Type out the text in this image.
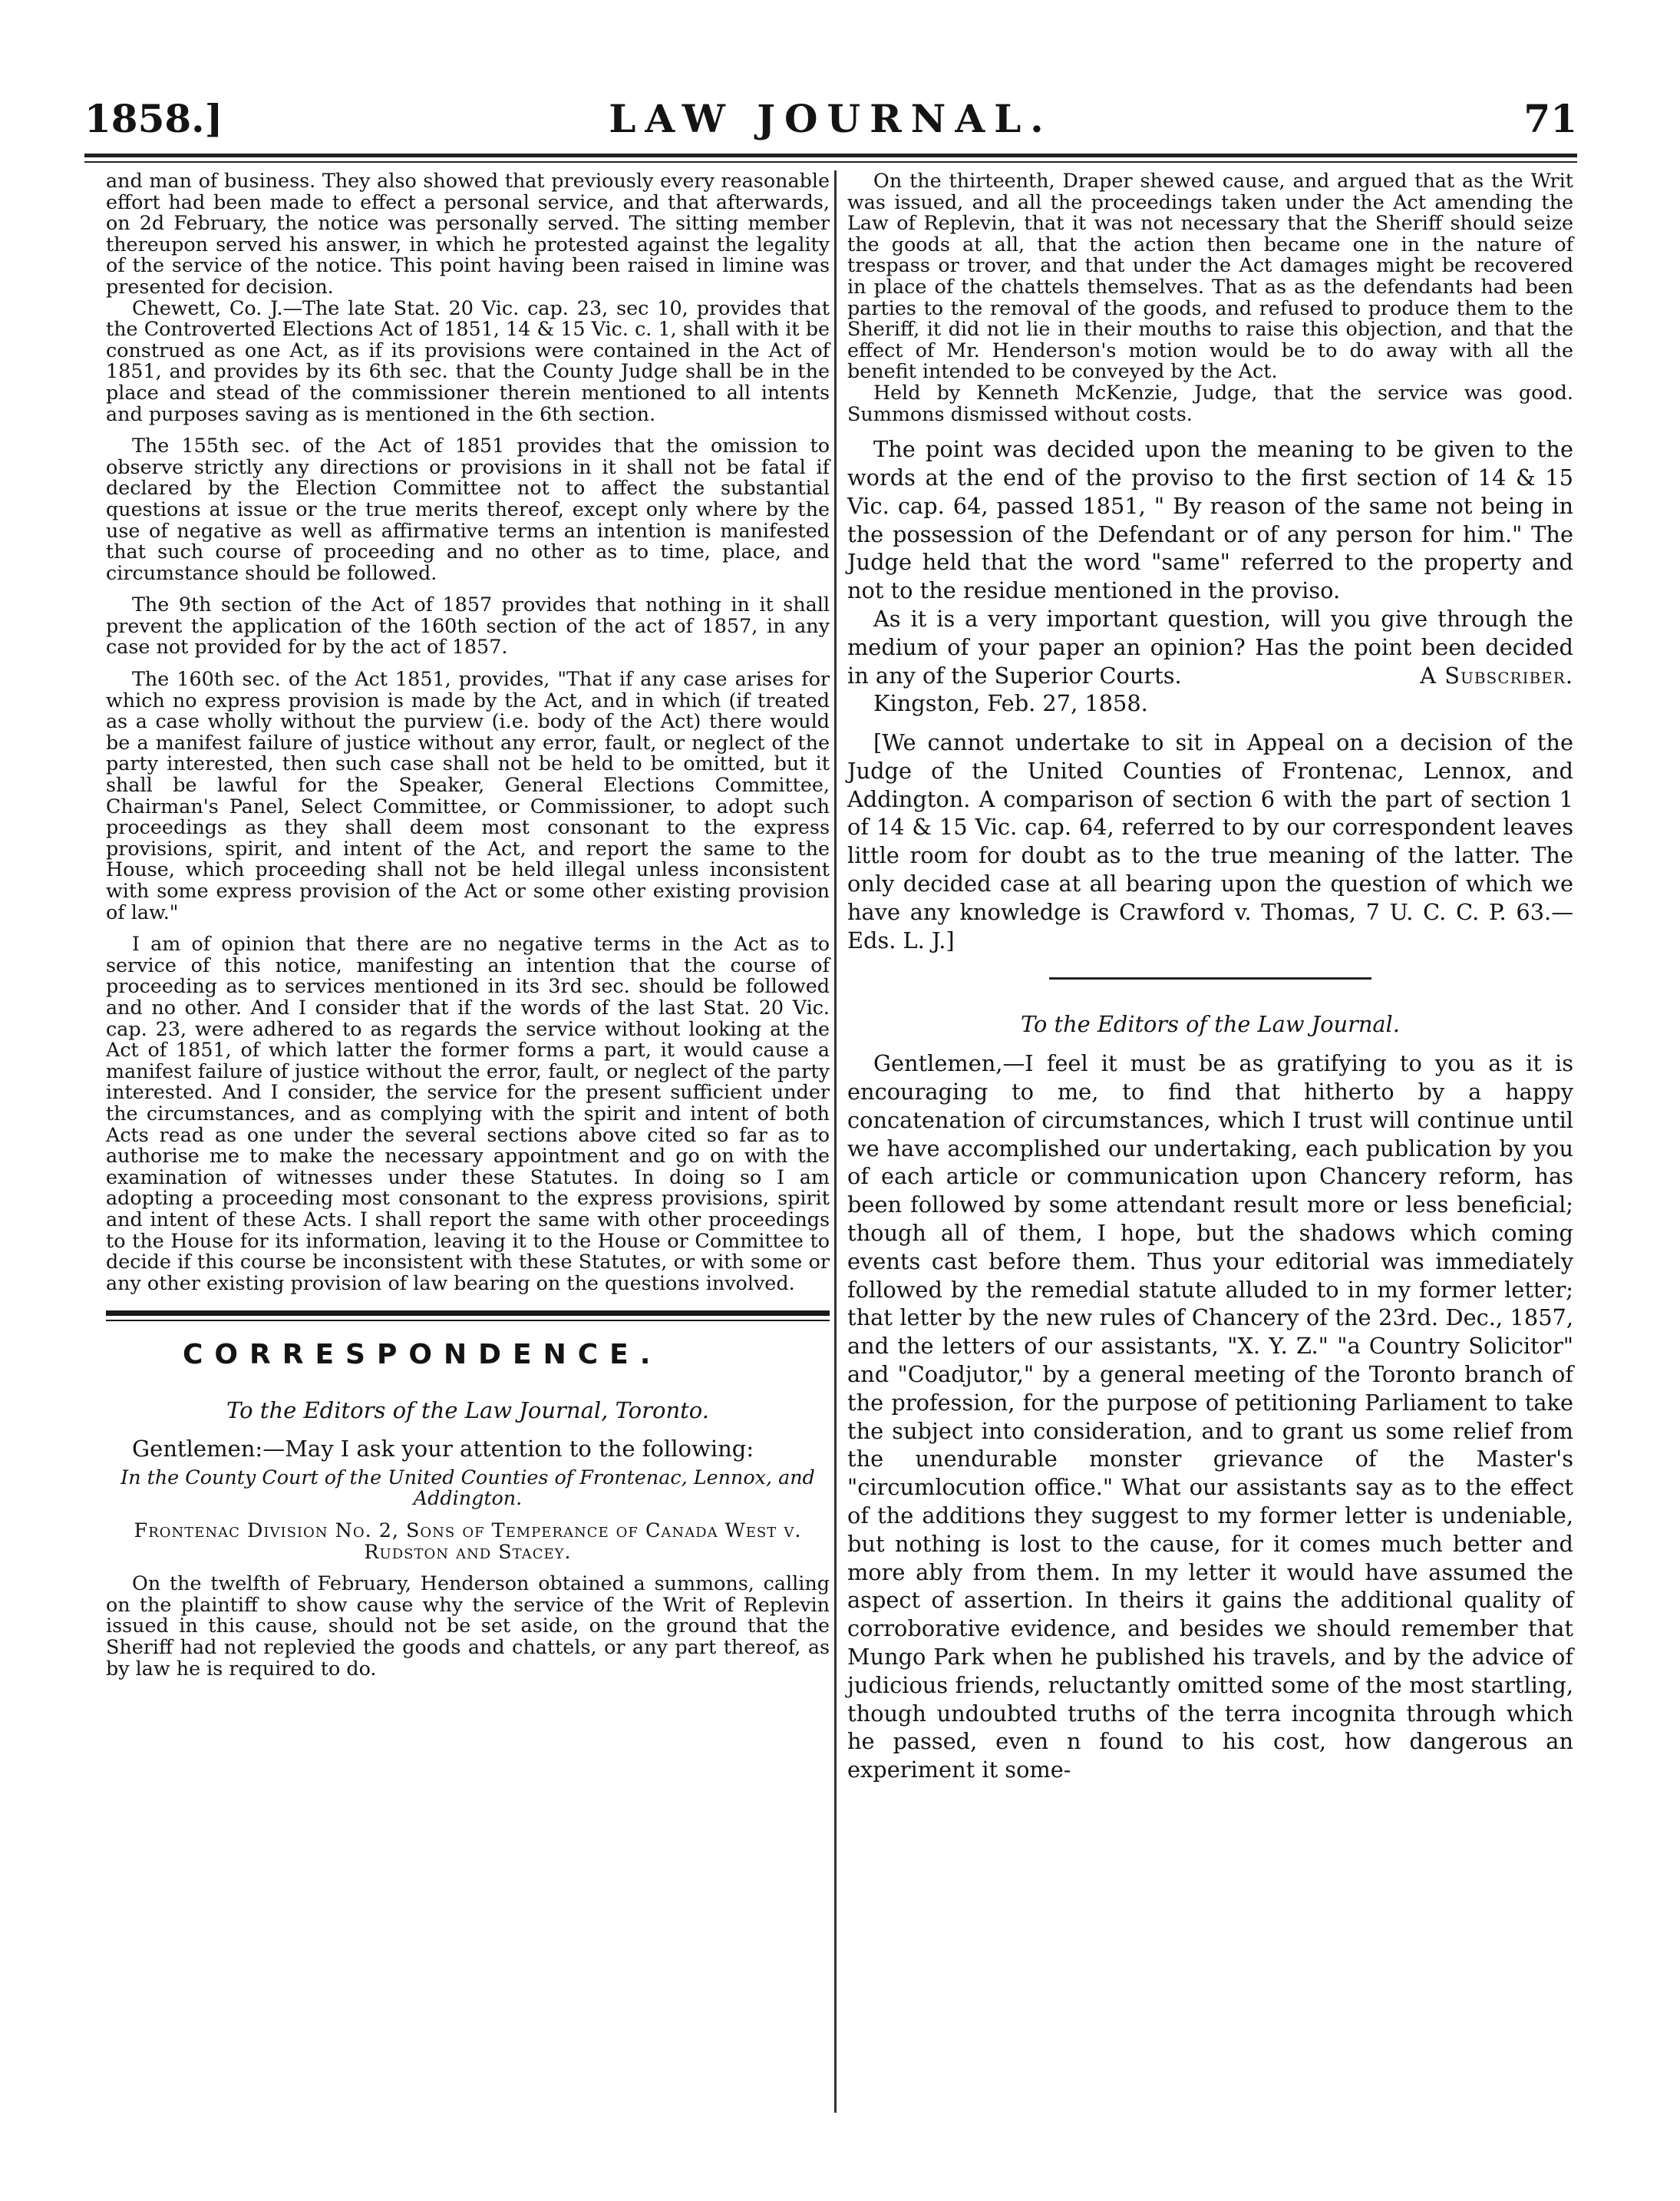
1858.]	LAW JOURNAL.	71

and man of business. They also showed that previously every reasonable effort had been made to effect a personal service, and that afterwards, on 2d February, the notice was personally served. The sitting member thereupon served his answer, in which he protested against the legality of the service of the notice. This point having been raised in limine was presented for decision.

Chewett, Co. J.—The late Stat. 20 Vic. cap. 23, sec 10, provides that the Controverted Elections Act of 1851, 14 & 15 Vic. c. 1, shall with it be construed as one Act, as if its provisions were contained in the Act of 1851, and provides by its 6th sec. that the County Judge shall be in the place and stead of the commissioner therein mentioned to all intents and purposes saving as is mentioned in the 6th section.

The 155th sec. of the Act of 1851 provides that the omission to observe strictly any directions or provisions in it shall not be fatal if declared by the Election Committee not to affect the substantial questions at issue or the true merits thereof, except only where by the use of negative as well as affirmative terms an intention is manifested that such course of proceeding and no other as to time, place, and circumstance should be followed.

The 9th section of the Act of 1857 provides that nothing in it shall prevent the application of the 160th section of the act of 1857, in any case not provided for by the act of 1857.

The 160th sec. of the Act 1851, provides, "That if any case arises for which no express provision is made by the Act, and in which (if treated as a case wholly without the purview (i.e. body of the Act) there would be a manifest failure of justice without any error, fault, or neglect of the party interested, then such case shall not be held to be omitted, but it shall be lawful for the Speaker, General Elections Committee, Chairman's Panel, Select Committee, or Commissioner, to adopt such proceedings as they shall deem most consonant to the express provisions, spirit, and intent of the Act, and report the same to the House, which proceeding shall not be held illegal unless inconsistent with some express provision of the Act or some other existing provision of law."

I am of opinion that there are no negative terms in the Act as to service of this notice, manifesting an intention that the course of proceeding as to services mentioned in its 3rd sec. should be followed and no other. And I consider that if the words of the last Stat. 20 Vic. cap. 23, were adhered to as regards the service without looking at the Act of 1851, of which latter the former forms a part, it would cause a manifest failure of justice without the error, fault, or neglect of the party interested. And I consider, the service for the present sufficient under the circumstances, and as complying with the spirit and intent of both Acts read as one under the several sections above cited so far as to authorise me to make the necessary appointment and go on with the examination of witnesses under these Statutes. In doing so I am adopting a proceeding most consonant to the express provisions, spirit and intent of these Acts. I shall report the same with other proceedings to the House for its information, leaving it to the House or Committee to decide if this course be inconsistent with these Statutes, or with some or any other existing provision of law bearing on the questions involved.

CORRESPONDENCE.

To the Editors of the Law Journal, Toronto.

Gentlemen:—May I ask your attention to the following:

In the County Court of the United Counties of Frontenac, Lennox, and Addington.

Frontenac Division No. 2, Sons of Temperance of Canada West v. Rudston and Stacey.

On the twelfth of February, Henderson obtained a summons, calling on the plaintiff to show cause why the service of the Writ of Replevin issued in this cause, should not be set aside, on the ground that the Sheriff had not replevied the goods and chattels, or any part thereof, as by law he is required to do.

On the thirteenth, Draper shewed cause, and argued that as the Writ was issued, and all the proceedings taken under the Act amending the Law of Replevin, that it was not necessary that the Sheriff should seize the goods at all, that the action then became one in the nature of trespass or trover, and that under the Act damages might be recovered in place of the chattels themselves. That as as the defendants had been parties to the removal of the goods, and refused to produce them to the Sheriff, it did not lie in their mouths to raise this objection, and that the effect of Mr. Henderson's motion would be to do away with all the benefit intended to be conveyed by the Act.

Held by Kenneth McKenzie, Judge, that the service was good. Summons dismissed without costs.

The point was decided upon the meaning to be given to the words at the end of the proviso to the first section of 14 & 15 Vic. cap. 64, passed 1851, " By reason of the same not being in the possession of the Defendant or of any person for him." The Judge held that the word "same" referred to the property and not to the residue mentioned in the proviso.

As it is a very important question, will you give through the medium of your paper an opinion? Has the point been decided in any of the Superior Courts.	A Subscriber.

Kingston, Feb. 27, 1858.

[We cannot undertake to sit in Appeal on a decision of the Judge of the United Counties of Frontenac, Lennox, and Addington. A comparison of section 6 with the part of section 1 of 14 & 15 Vic. cap. 64, referred to by our correspondent leaves little room for doubt as to the true meaning of the latter. The only decided case at all bearing upon the question of which we have any knowledge is Crawford v. Thomas, 7 U. C. C. P. 63.—Eds. L. J.]

To the Editors of the Law Journal.

Gentlemen,—I feel it must be as gratifying to you as it is encouraging to me, to find that hitherto by a happy concatenation of circumstances, which I trust will continue until we have accomplished our undertaking, each publication by you of each article or communication upon Chancery reform, has been followed by some attendant result more or less beneficial; though all of them, I hope, but the shadows which coming events cast before them. Thus your editorial was immediately followed by the remedial statute alluded to in my former letter; that letter by the new rules of Chancery of the 23rd. Dec., 1857, and the letters of our assistants, "X. Y. Z." "a Country Solicitor" and "Coadjutor," by a general meeting of the Toronto branch of the profession, for the purpose of petitioning Parliament to take the subject into consideration, and to grant us some relief from the unendurable monster grievance of the Master's "circumlocution office." What our assistants say as to the effect of the additions they suggest to my former letter is undeniable, but nothing is lost to the cause, for it comes much better and more ably from them. In my letter it would have assumed the aspect of assertion. In theirs it gains the additional quality of corroborative evidence, and besides we should remember that Mungo Park when he published his travels, and by the advice of judicious friends, reluctantly omitted some of the most startling, though undoubted truths of the terra incognita through which he passed, even n found to his cost, how dangerous an experiment it some-
